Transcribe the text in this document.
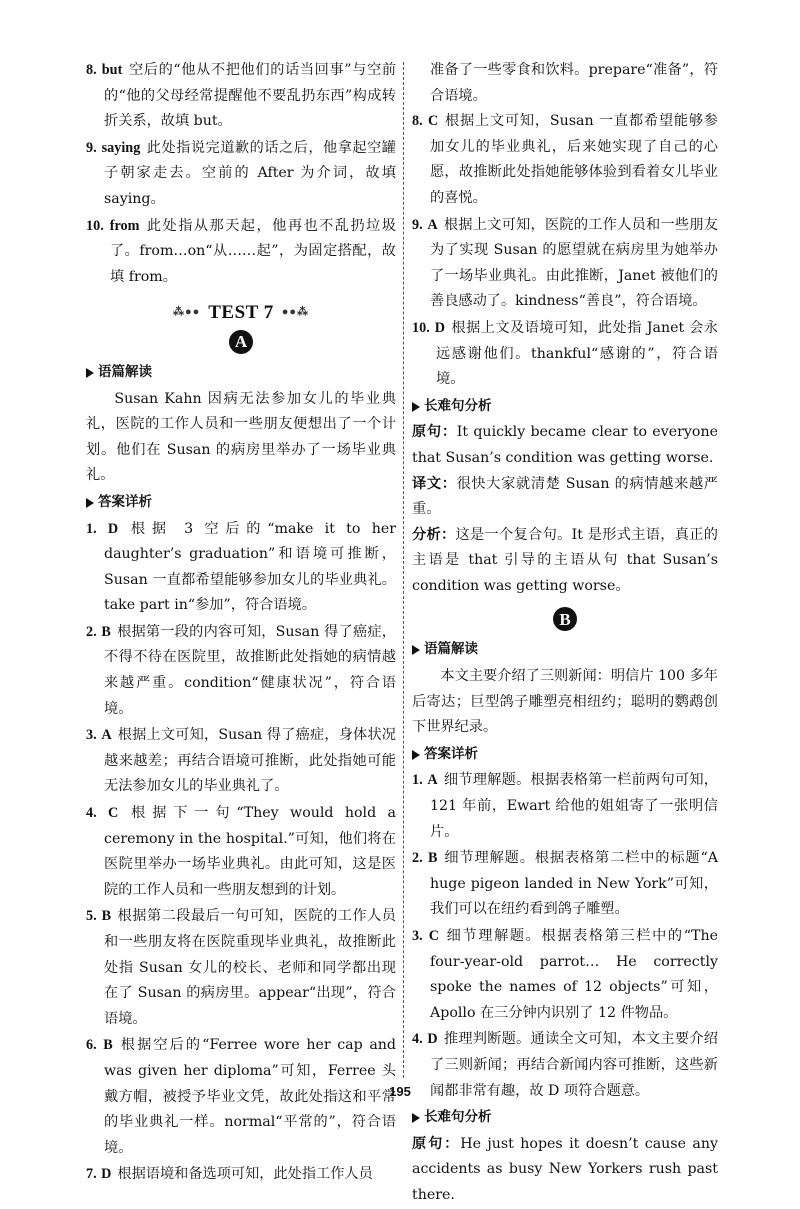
8. but 空后的“他从不把他们的话当回事”与空前的“他的父母经常提醒他不要乱扔东西”构成转折关系，故填 but。

9. saying 此处指说完道歉的话之后，他拿起空罐子朝家走去。空前的 After 为介词，故填 saying。

10. from 此处指从那天起，他再也不乱扔垃圾了。from…on“从……起”，为固定搭配，故填 from。

⁂●● TEST 7 ●●⁂
A
语篇解读

Susan Kahn 因病无法参加女儿的毕业典礼，医院的工作人员和一些朋友便想出了一个计划。他们在 Susan 的病房里举办了一场毕业典礼。

答案详析

1. D 根据 3 空后的“make it to her daughter’s graduation”和语境可推断，Susan 一直都希望能够参加女儿的毕业典礼。take part in“参加”，符合语境。

2. B 根据第一段的内容可知，Susan 得了癌症，不得不待在医院里，故推断此处指她的病情越来越严重。condition“健康状况”，符合语境。

3. A 根据上文可知，Susan 得了癌症，身体状况越来越差；再结合语境可推断，此处指她可能无法参加女儿的毕业典礼了。

4. C 根据下一句“They would hold a ceremony in the hospital.”可知，他们将在医院里举办一场毕业典礼。由此可知，这是医院的工作人员和一些朋友想到的计划。

5. B 根据第二段最后一句可知，医院的工作人员和一些朋友将在医院重现毕业典礼，故推断此处指 Susan 女儿的校长、老师和同学都出现在了 Susan 的病房里。appear“出现”，符合语境。

6. B 根据空后的“Ferree wore her cap and was given her diploma”可知，Ferree 头戴方帽，被授予毕业文凭，故此处指这和平常的毕业典礼一样。normal“平常的”，符合语境。

7. D 根据语境和备选项可知，此处指工作人员

准备了一些零食和饮料。prepare“准备”，符合语境。

8. C 根据上文可知，Susan 一直都希望能够参加女儿的毕业典礼，后来她实现了自己的心愿，故推断此处指她能够体验到看着女儿毕业的喜悦。

9. A 根据上文可知，医院的工作人员和一些朋友为了实现 Susan 的愿望就在病房里为她举办了一场毕业典礼。由此推断，Janet 被他们的善良感动了。kindness“善良”，符合语境。

10. D 根据上文及语境可知，此处指 Janet 会永远感谢他们。thankful“感谢的”，符合语境。

长难句分析

原句：It quickly became clear to everyone that Susan’s condition was getting worse.

译文：很快大家就清楚 Susan 的病情越来越严重。

分析：这是一个复合句。It 是形式主语，真正的主语是 that 引导的主语从句 that Susan’s condition was getting worse。

B
语篇解读

本文主要介绍了三则新闻：明信片 100 多年后寄达；巨型鸽子雕塑亮相纽约；聪明的鹦鹉创下世界纪录。

答案详析

1. A 细节理解题。根据表格第一栏前两句可知，121 年前，Ewart 给他的姐姐寄了一张明信片。

2. B 细节理解题。根据表格第二栏中的标题“A huge pigeon landed in New York”可知，我们可以在纽约看到鸽子雕塑。

3. C 细节理解题。根据表格第三栏中的“The four-year-old parrot… He correctly spoke the names of 12 objects”可知，Apollo 在三分钟内识别了 12 件物品。

4. D 推理判断题。通读全文可知，本文主要介绍了三则新闻；再结合新闻内容可推断，这些新闻都非常有趣，故 D 项符合题意。

长难句分析

原句：He just hopes it doesn’t cause any accidents as busy New Yorkers rush past there.

195
